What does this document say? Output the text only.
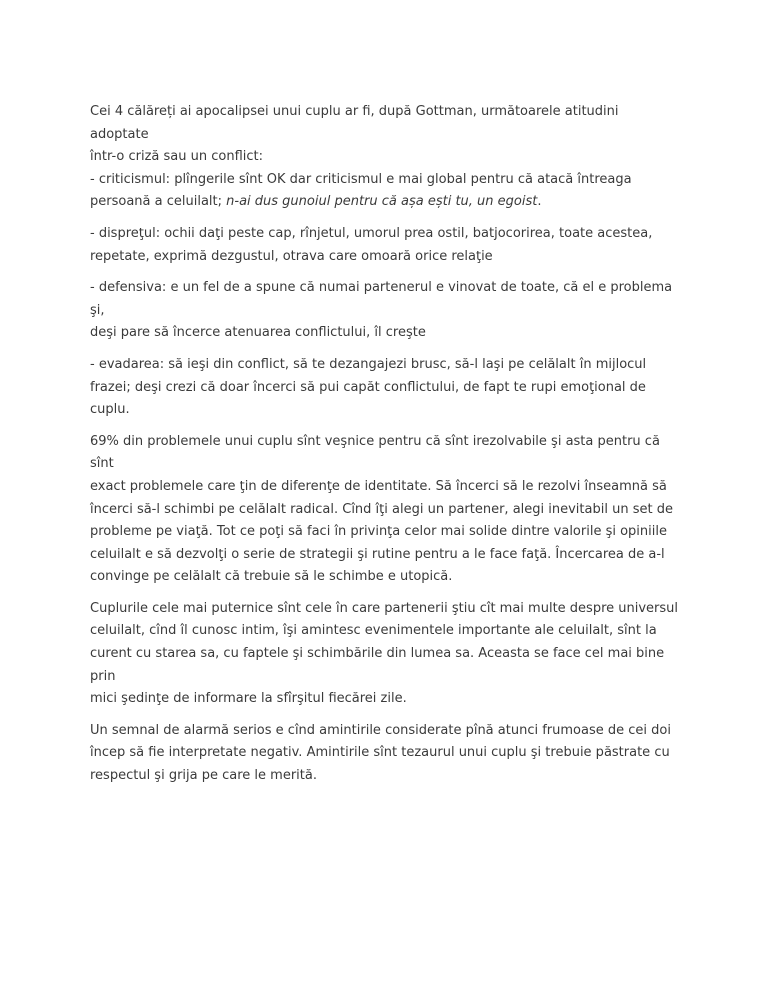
Cei 4 călăreți ai apocalipsei unui cuplu ar fi, după Gottman, următoarele atitudini adoptate
într-o criză sau un conflict:
- criticismul: plîngerile sînt OK dar criticismul e mai global pentru că atacă întreaga
persoană a celuilalt; n-ai dus gunoiul pentru că așa ești tu, un egoist.

- dispreţul: ochii daţi peste cap, rînjetul, umorul prea ostil, batjocorirea, toate acestea,
repetate, exprimă dezgustul, otrava care omoară orice relaţie

- defensiva: e un fel de a spune că numai partenerul e vinovat de toate, că el e problema şi,
deşi pare să încerce atenuarea conflictului, îl creşte

- evadarea: să ieşi din conflict, să te dezangajezi brusc, să-l laşi pe celălalt în mijlocul
frazei; deşi crezi că doar încerci să pui capăt conflictului, de fapt te rupi emoţional de cuplu.

69% din problemele unui cuplu sînt veşnice pentru că sînt irezolvabile şi asta pentru că sînt
exact problemele care ţin de diferenţe de identitate. Să încerci să le rezolvi înseamnă să
încerci să-l schimbi pe celălalt radical. Cînd îţi alegi un partener, alegi inevitabil un set de
probleme pe viaţă. Tot ce poţi să faci în privinţa celor mai solide dintre valorile şi opiniile
celuilalt e să dezvolţi o serie de strategii şi rutine pentru a le face faţă. Încercarea de a-l
convinge pe celălalt că trebuie să le schimbe e utopică.

Cuplurile cele mai puternice sînt cele în care partenerii ştiu cît mai multe despre universul
celuilalt, cînd îl cunosc intim, îşi amintesc evenimentele importante ale celuilalt, sînt la
curent cu starea sa, cu faptele şi schimbările din lumea sa. Aceasta se face cel mai bine prin
mici şedinţe de informare la sfîrşitul fiecărei zile.

Un semnal de alarmă serios e cînd amintirile considerate pînă atunci frumoase de cei doi
încep să fie interpretate negativ. Amintirile sînt tezaurul unui cuplu şi trebuie păstrate cu
respectul şi grija pe care le merită.
